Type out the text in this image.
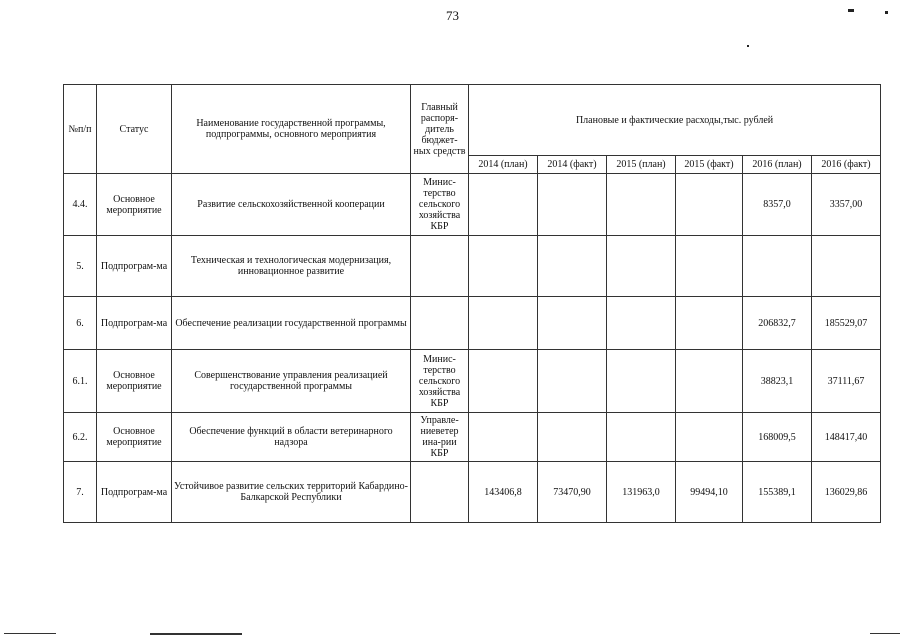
73
№п/п	Статус	Наименование государственной программы, подпрограммы, основного мероприятия	Главный распоря-дитель бюджет-ных средств	Плановые и фактические расходы,тыс. рублей					
				2014 (план)	2014 (факт)	2015 (план)	2015 (факт)	2016 (план)	2016 (факт)
4.4.	Основное мероприятие	Развитие сельскохозяйственной кооперации	Минис-терство сельского хозяйства КБР					8357,0	3357,00
5.	Подпрограм-ма	Техническая и технологическая модернизация, инновационное развитие							
6.	Подпрограм-ма	Обеспечение реализации государственной программы						206832,7	185529,07
6.1.	Основное мероприятие	Совершенствование управления реализацией государственной программы	Минис-терство сельского хозяйства КБР					38823,1	37111,67
6.2.	Основное мероприятие	Обеспечение функций в области ветеринарного надзора	Управле-ниеветер ина-рии КБР					168009,5	148417,40
7.	Подпрограм-ма	Устойчивое развитие сельских территорий Кабардино-Балкарской Республики		143406,8	73470,90	131963,0	99494,10	155389,1	136029,86
